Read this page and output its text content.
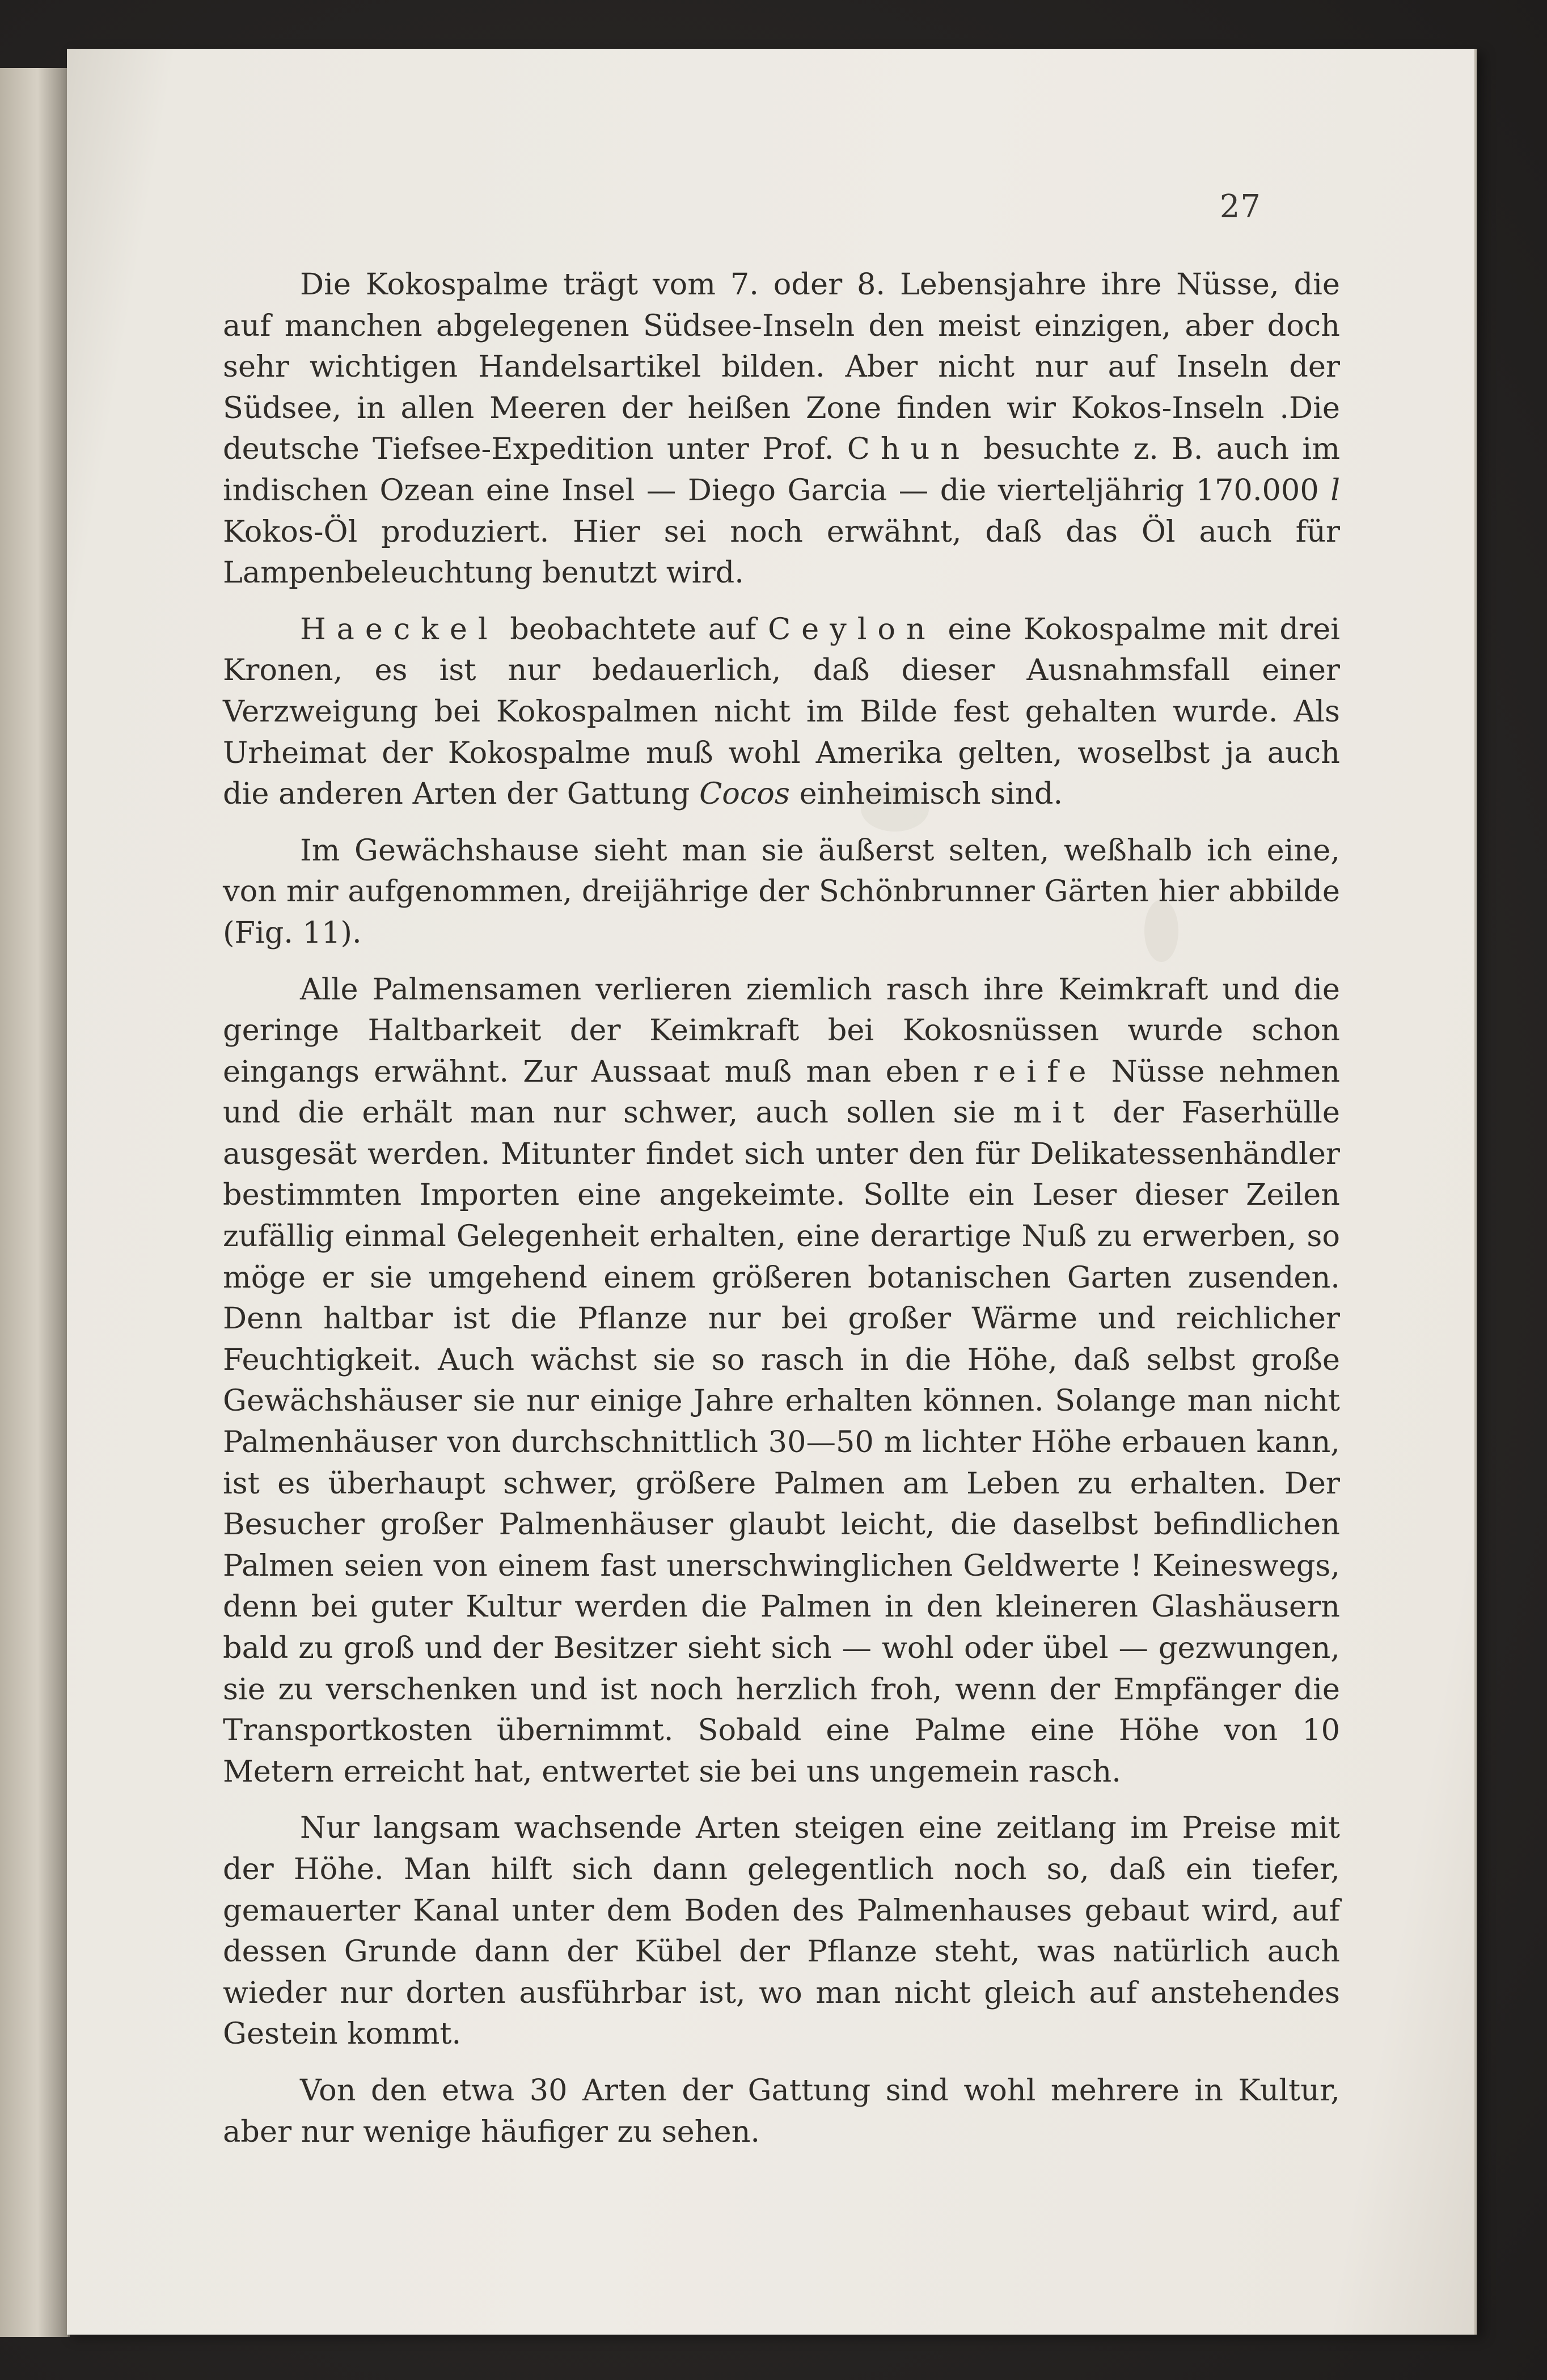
27

Die Kokospalme trägt vom 7. oder 8. Lebensjahre ihre Nüsse, die auf manchen abgelegenen Südsee-Inseln den meist einzigen, aber doch sehr wichtigen Handelsartikel bilden. Aber nicht nur auf Inseln der Südsee, in allen Meeren der heißen Zone finden wir Kokos-Inseln .Die deutsche Tiefsee-Expedition unter Prof. Chun besuchte z. B. auch im indischen Ozean eine Insel — Diego Garcia — die vierteljährig 170.000 l Kokos-Öl produziert. Hier sei noch erwähnt, daß das Öl auch für Lampenbeleuchtung benutzt wird.

Haeckel beobachtete auf Ceylon eine Kokospalme mit drei Kronen, es ist nur bedauerlich, daß dieser Ausnahmsfall einer Verzweigung bei Kokospalmen nicht im Bilde fest gehalten wurde. Als Urheimat der Kokospalme muß wohl Amerika gelten, woselbst ja auch die anderen Arten der Gattung Cocos einheimisch sind.

Im Gewächshause sieht man sie äußerst selten, weßhalb ich eine, von mir aufgenommen, dreijährige der Schönbrunner Gärten hier abbilde (Fig. 11).

Alle Palmensamen verlieren ziemlich rasch ihre Keimkraft und die geringe Haltbarkeit der Keimkraft bei Kokosnüssen wurde schon eingangs erwähnt. Zur Aussaat muß man eben reife Nüsse nehmen und die erhält man nur schwer, auch sollen sie mit der Faserhülle ausgesät werden. Mitunter findet sich unter den für Delikatessenhändler bestimmten Importen eine angekeimte. Sollte ein Leser dieser Zeilen zufällig einmal Gelegenheit erhalten, eine derartige Nuß zu erwerben, so möge er sie umgehend einem größeren botanischen Garten zusenden. Denn haltbar ist die Pflanze nur bei großer Wärme und reichlicher Feuchtigkeit. Auch wächst sie so rasch in die Höhe, daß selbst große Gewächshäuser sie nur einige Jahre erhalten können. Solange man nicht Palmenhäuser von durchschnittlich 30—50 m lichter Höhe erbauen kann, ist es überhaupt schwer, größere Palmen am Leben zu erhalten. Der Besucher großer Palmenhäuser glaubt leicht, die daselbst befindlichen Palmen seien von einem fast unerschwinglichen Geldwerte ! Keineswegs, denn bei guter Kultur werden die Palmen in den kleineren Glashäusern bald zu groß und der Besitzer sieht sich — wohl oder übel — gezwungen, sie zu verschenken und ist noch herzlich froh, wenn der Empfänger die Transportkosten übernimmt. Sobald eine Palme eine Höhe von 10 Metern erreicht hat, entwertet sie bei uns ungemein rasch.

Nur langsam wachsende Arten steigen eine zeitlang im Preise mit der Höhe. Man hilft sich dann gelegentlich noch so, daß ein tiefer, gemauerter Kanal unter dem Boden des Palmenhauses gebaut wird, auf dessen Grunde dann der Kübel der Pflanze steht, was natürlich auch wieder nur dorten ausführbar ist, wo man nicht gleich auf anstehendes Gestein kommt.

Von den etwa 30 Arten der Gattung sind wohl mehrere in Kultur, aber nur wenige häufiger zu sehen.
